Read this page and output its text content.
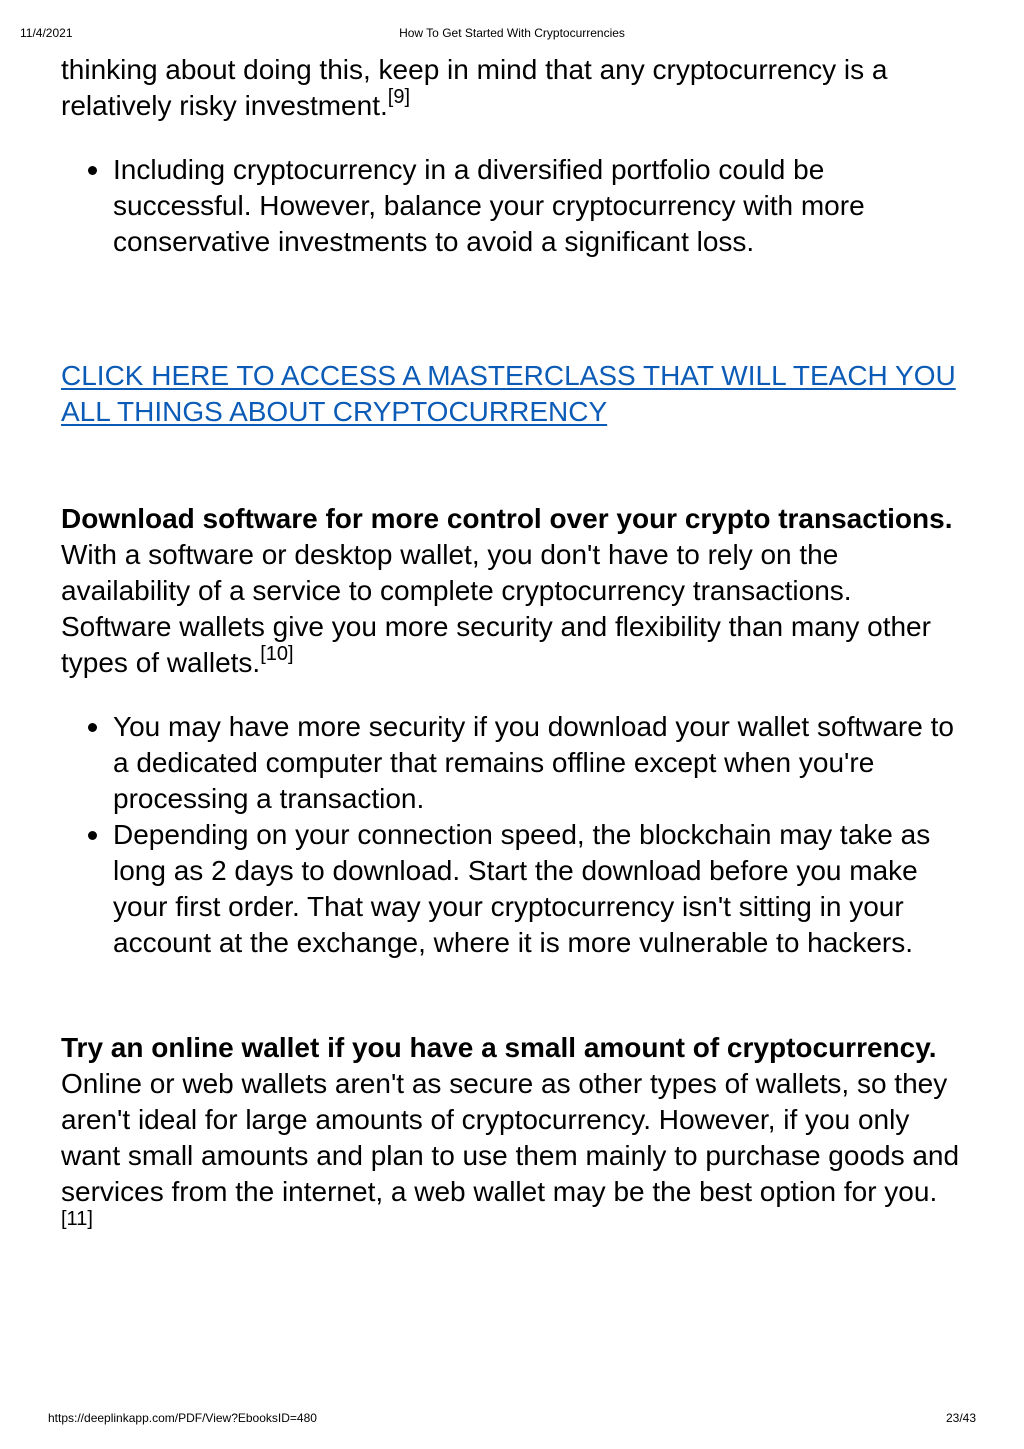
11/4/2021	How To Get Started With Cryptocurrencies

thinking about doing this, keep in mind that any cryptocurrency is a relatively risky investment.[9]

Including cryptocurrency in a diversified portfolio could be successful. However, balance your cryptocurrency with more conservative investments to avoid a significant loss.
CLICK HERE TO ACCESS A MASTERCLASS THAT WILL TEACH YOU ALL THINGS ABOUT CRYPTOCURRENCY

Download software for more control over your crypto transactions. With a software or desktop wallet, you don't have to rely on the availability of a service to complete cryptocurrency transactions. Software wallets give you more security and flexibility than many other types of wallets.[10]

You may have more security if you download your wallet software to a dedicated computer that remains offline except when you're processing a transaction.
Depending on your connection speed, the blockchain may take as long as 2 days to download. Start the download before you make your first order. That way your cryptocurrency isn't sitting in your account at the exchange, where it is more vulnerable to hackers.

Try an online wallet if you have a small amount of cryptocurrency. Online or web wallets aren't as secure as other types of wallets, so they aren't ideal for large amounts of cryptocurrency. However, if you only want small amounts and plan to use them mainly to purchase goods and services from the internet, a web wallet may be the best option for you.[11]

https://deeplinkapp.com/PDF/View?EbooksID=480	23/43
